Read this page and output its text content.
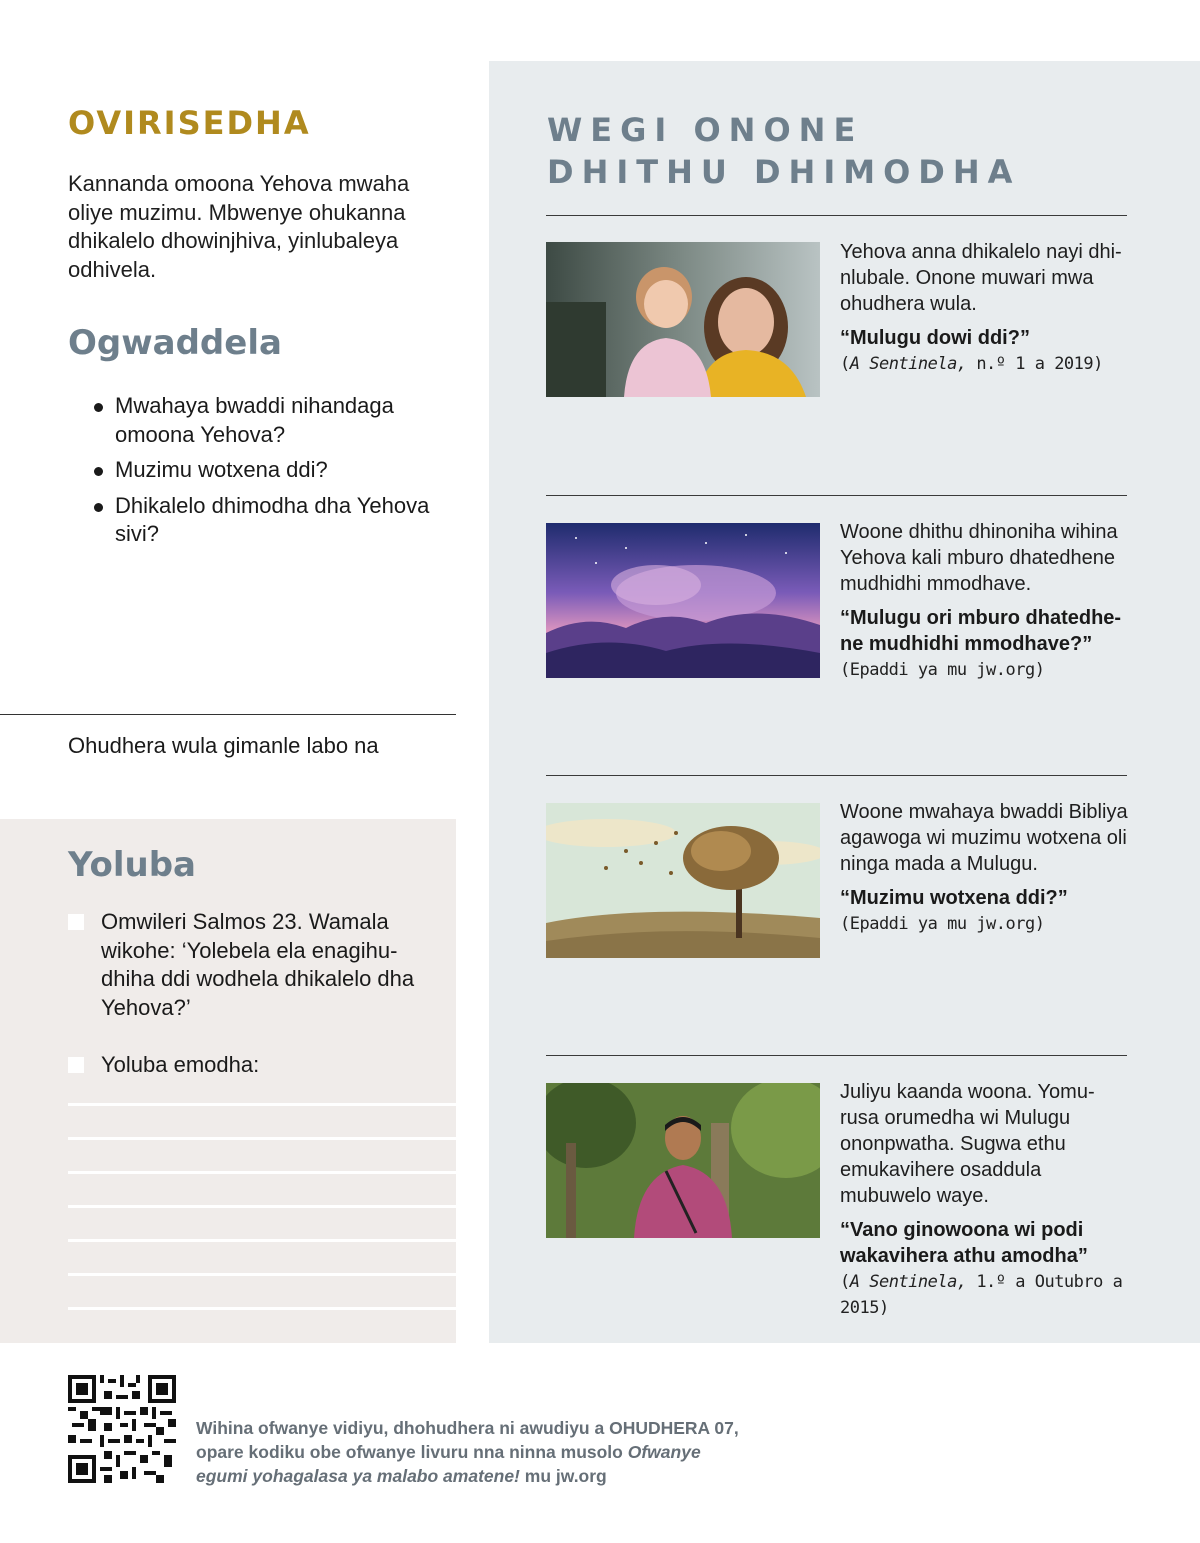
OVIRISEDHA

Kannanda omoona Yehova mwaha oliye muzimu. Mbwenye ohukanna dhikalelo dhowinjhiva, yinlubaleya odhivela.

Ogwaddela
Mwahaya bwaddi nihandaga omoona Yehova?
Muzimu wotxena ddi?
Dhikalelo dhimodha dha Yehova sivi?

Ohudhera wula gimanle labo na

Yoluba
Omwileri Salmos 23. Wamala wikohe: ‘Yolebela ela enagihu-dhiha ddi wodhela dhikalelo dha Yehova?’
Yoluba emodha:
WEGI ONONE
DHITHU DHIMODHA

Yehova anna dhikalelo nayi dhi-nlubale. Onone muwari mwa ohudhera wula.

“Mulugu dowi ddi?”

(A Sentinela, n.º 1 a 2019)

Woone dhithu dhinoniha wihina Yehova kali mburo dhatedhene mudhidhi mmodhave.

“Mulugu ori mburo dhatedhe-ne mudhidhi mmodhave?”

(Epaddi ya mu jw.org)

Woone mwahaya bwaddi Bibliya agawoga wi muzimu wotxena oli ninga mada a Mulugu.

“Muzimu wotxena ddi?”

(Epaddi ya mu jw.org)

Juliyu kaanda woona. Yomu-rusa orumedha wi Mulugu ononpwatha. Sugwa ethu emukavihere osaddula mubuwelo waye.

“Vano ginowoona wi podi wakavihera athu amodha”

(A Sentinela, 1.º a Outubro a 2015)

Wihina ofwanye vidiyu, dhohudhera ni awudiyu a OHUDHERA 07, opare kodiku obe ofwanye livuru nna ninna musolo Ofwanye egumi yohagalasa ya malabo amatene! mu jw.org
